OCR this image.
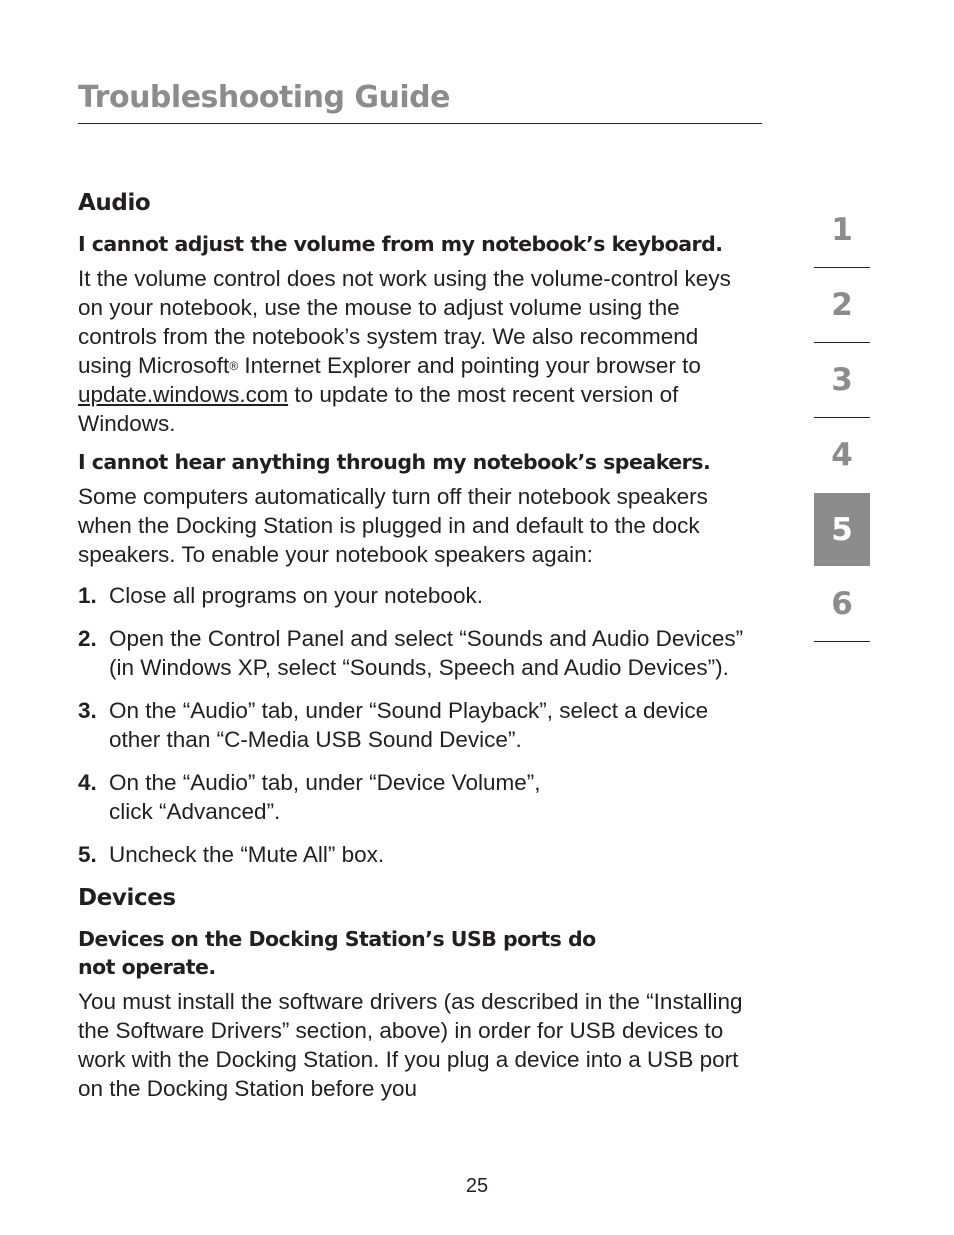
Troubleshooting Guide
Audio
I cannot adjust the volume from my notebook’s keyboard.

It the volume control does not work using the volume-control keys on your notebook, use the mouse to adjust volume using the controls from the notebook’s system tray. We also recommend using Microsoft® Internet Explorer and pointing your browser to update.windows.com to update to the most recent version of Windows.

I cannot hear anything through my notebook’s speakers.

Some computers automatically turn off their notebook speakers when the Docking Station is plugged in and default to the dock speakers. To enable your notebook speakers again:

1. Close all programs on your notebook.
2. Open the Control Panel and select “Sounds and Audio Devices” (in Windows XP, select “Sounds, Speech and Audio Devices”).
3. On the “Audio” tab, under “Sound Playback”, select a device other than “C-Media USB Sound Device”.
4. On the “Audio” tab, under “Device Volume”,
click “Advanced”.
5. Uncheck the “Mute All” box.
Devices
Devices on the Docking Station’s USB ports do
not operate.

You must install the software drivers (as described in the “Installing the Software Drivers” section, above) in order for USB devices to work with the Docking Station. If you plug a device into a USB port on the Docking Station before you

1
2
3
4
5
6
25
